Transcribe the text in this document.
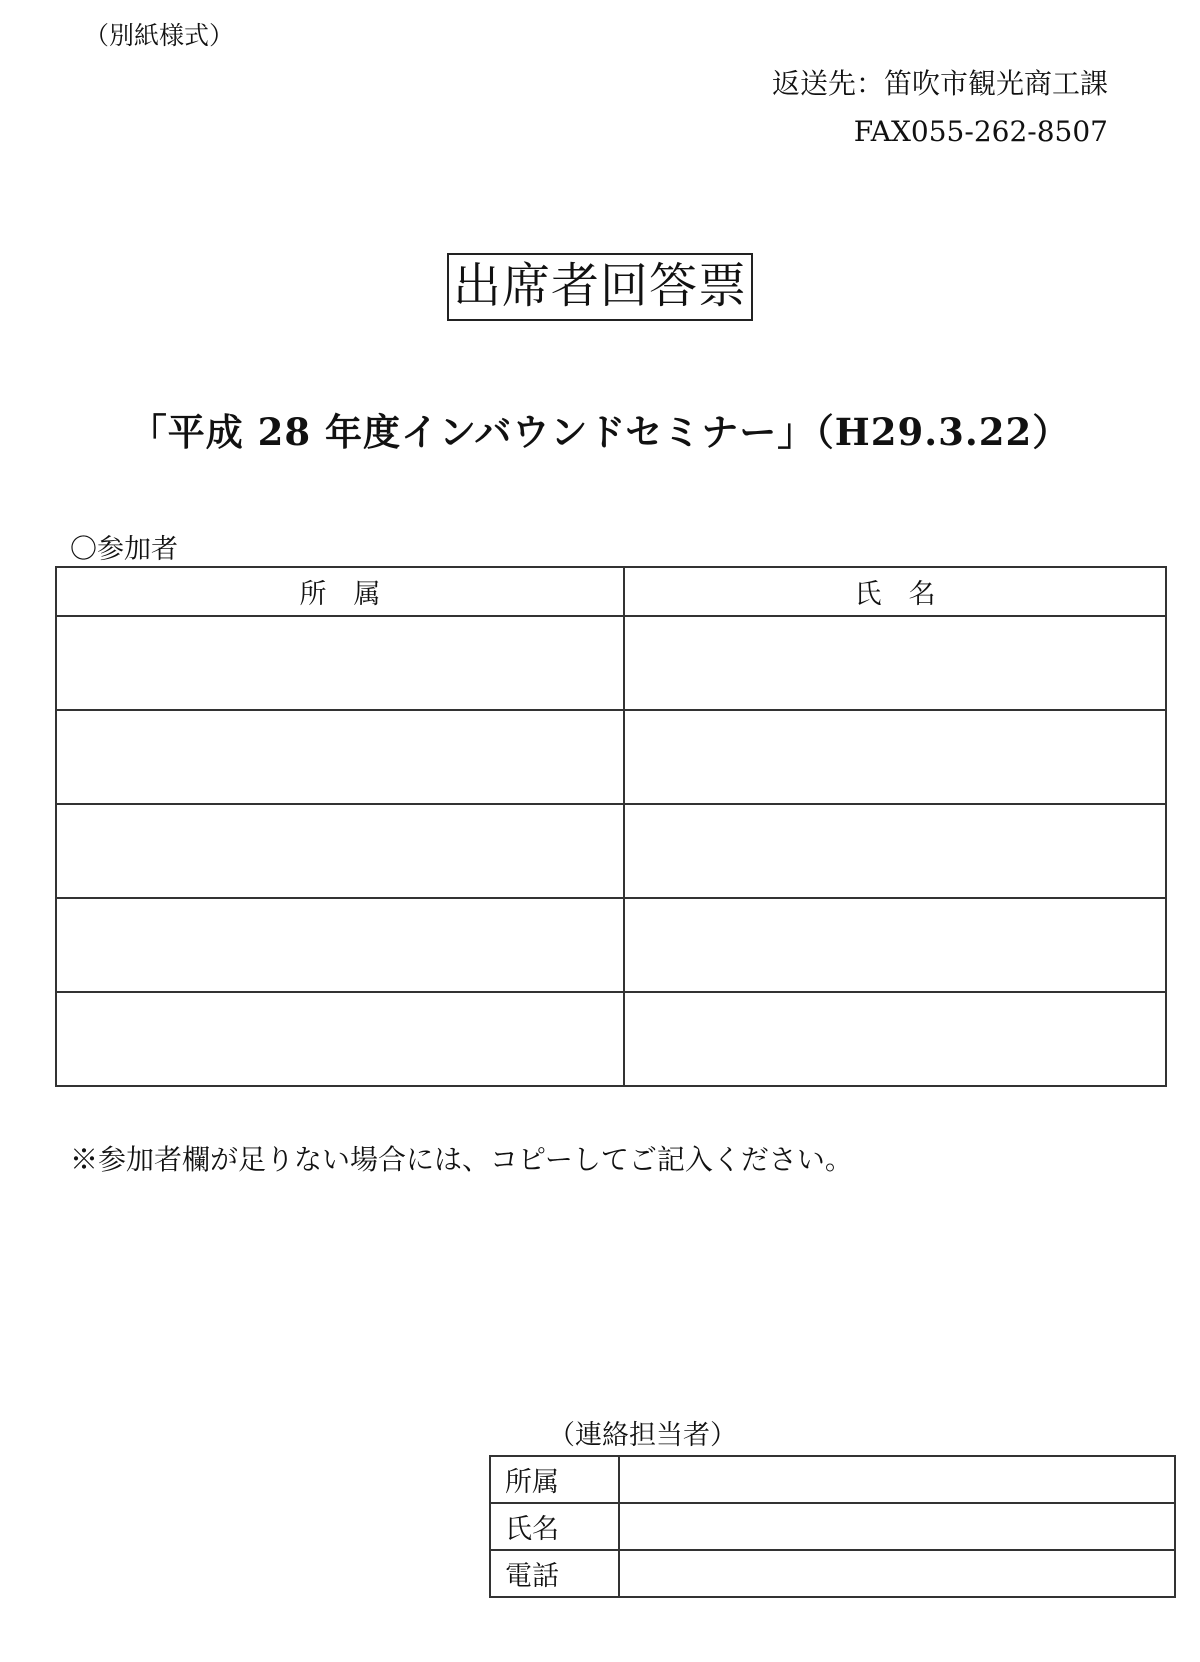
（別紙様式）
返送先：笛吹市観光商工課
FAX055-262-8507
出席者回答票
「平成 28 年度インバウンドセミナー」（H29.3.22）
〇参加者
所　属	氏　名

※参加者欄が足りない場合には、コピーしてご記入ください。
（連絡担当者）
所属	
氏名	
電話	
